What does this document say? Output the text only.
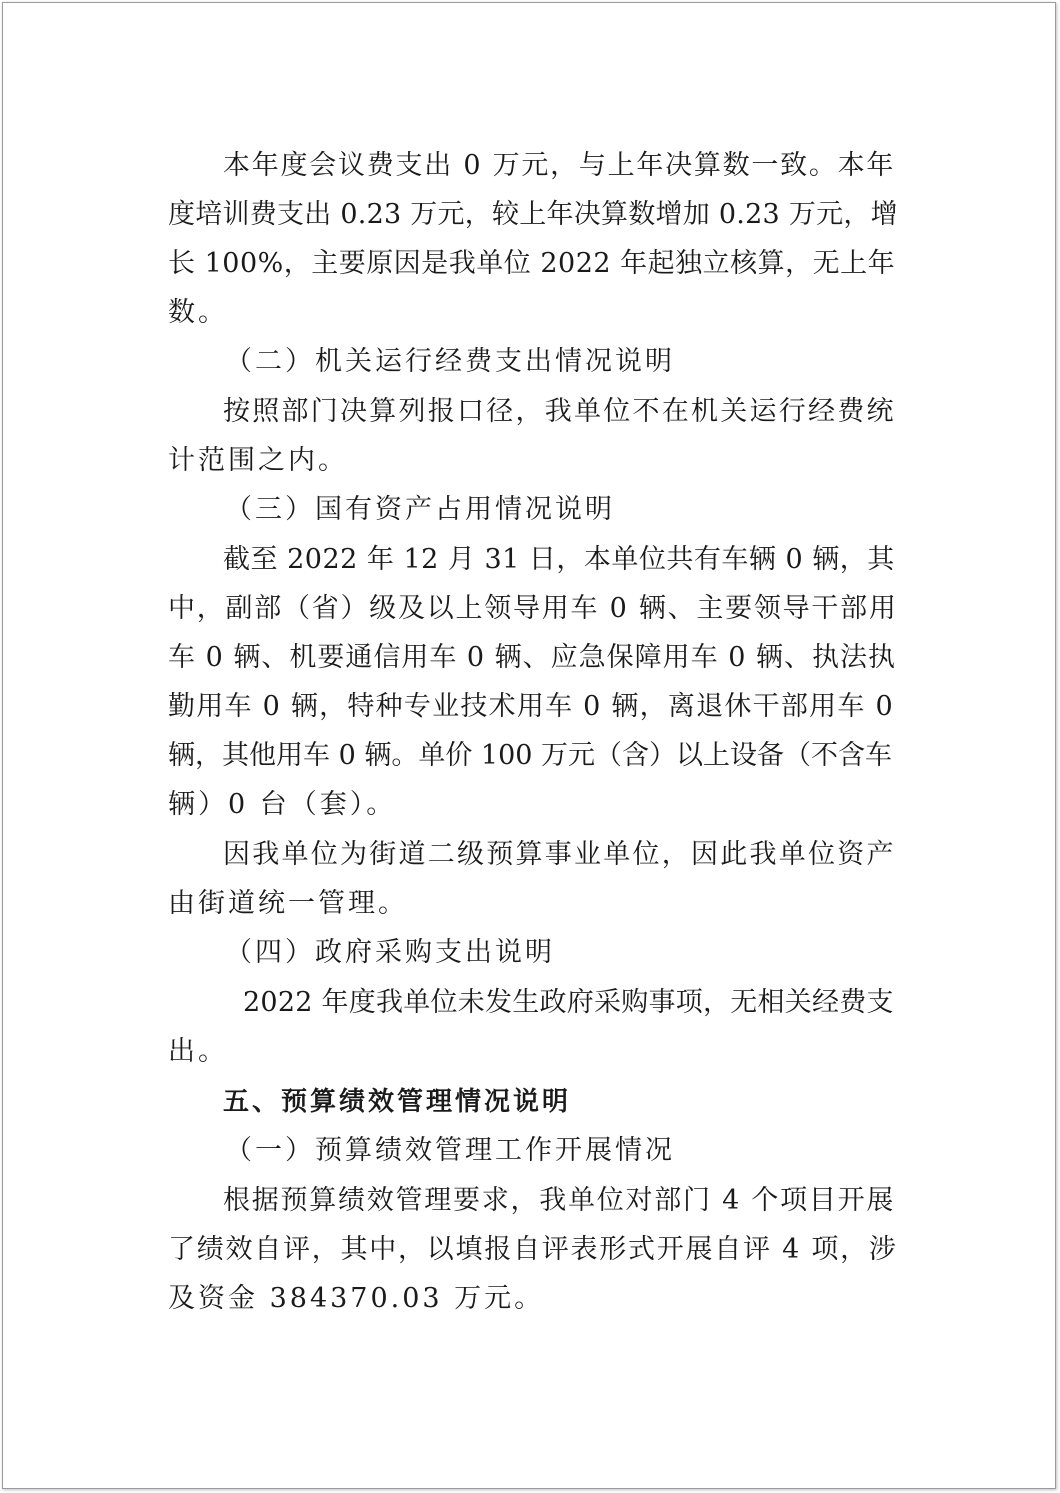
本年度会议费支出 0 万元，与上年决算数一致。本年
度培训费支出 0.23 万元，较上年决算数增加 0.23 万元，增
长 100%，主要原因是我单位 2022 年起独立核算，无上年
数。
（二）机关运行经费支出情况说明
按照部门决算列报口径，我单位不在机关运行经费统
计范围之内。
（三）国有资产占用情况说明
截至 2022 年 12 月 31 日，本单位共有车辆 0 辆，其
中，副部（省）级及以上领导用车 0 辆、主要领导干部用
车 0 辆、机要通信用车 0 辆、应急保障用车 0 辆、执法执
勤用车 0 辆，特种专业技术用车 0 辆，离退休干部用车 0
辆，其他用车 0 辆。单价 100 万元（含）以上设备（不含车
辆）0 台（套）。
因我单位为街道二级预算事业单位，因此我单位资产
由街道统一管理。
（四）政府采购支出说明
2022 年度我单位未发生政府采购事项，无相关经费支
出。
五、预算绩效管理情况说明
（一）预算绩效管理工作开展情况
根据预算绩效管理要求，我单位对部门 4 个项目开展
了绩效自评，其中，以填报自评表形式开展自评 4 项，涉
及资金 384370.03 万元。
